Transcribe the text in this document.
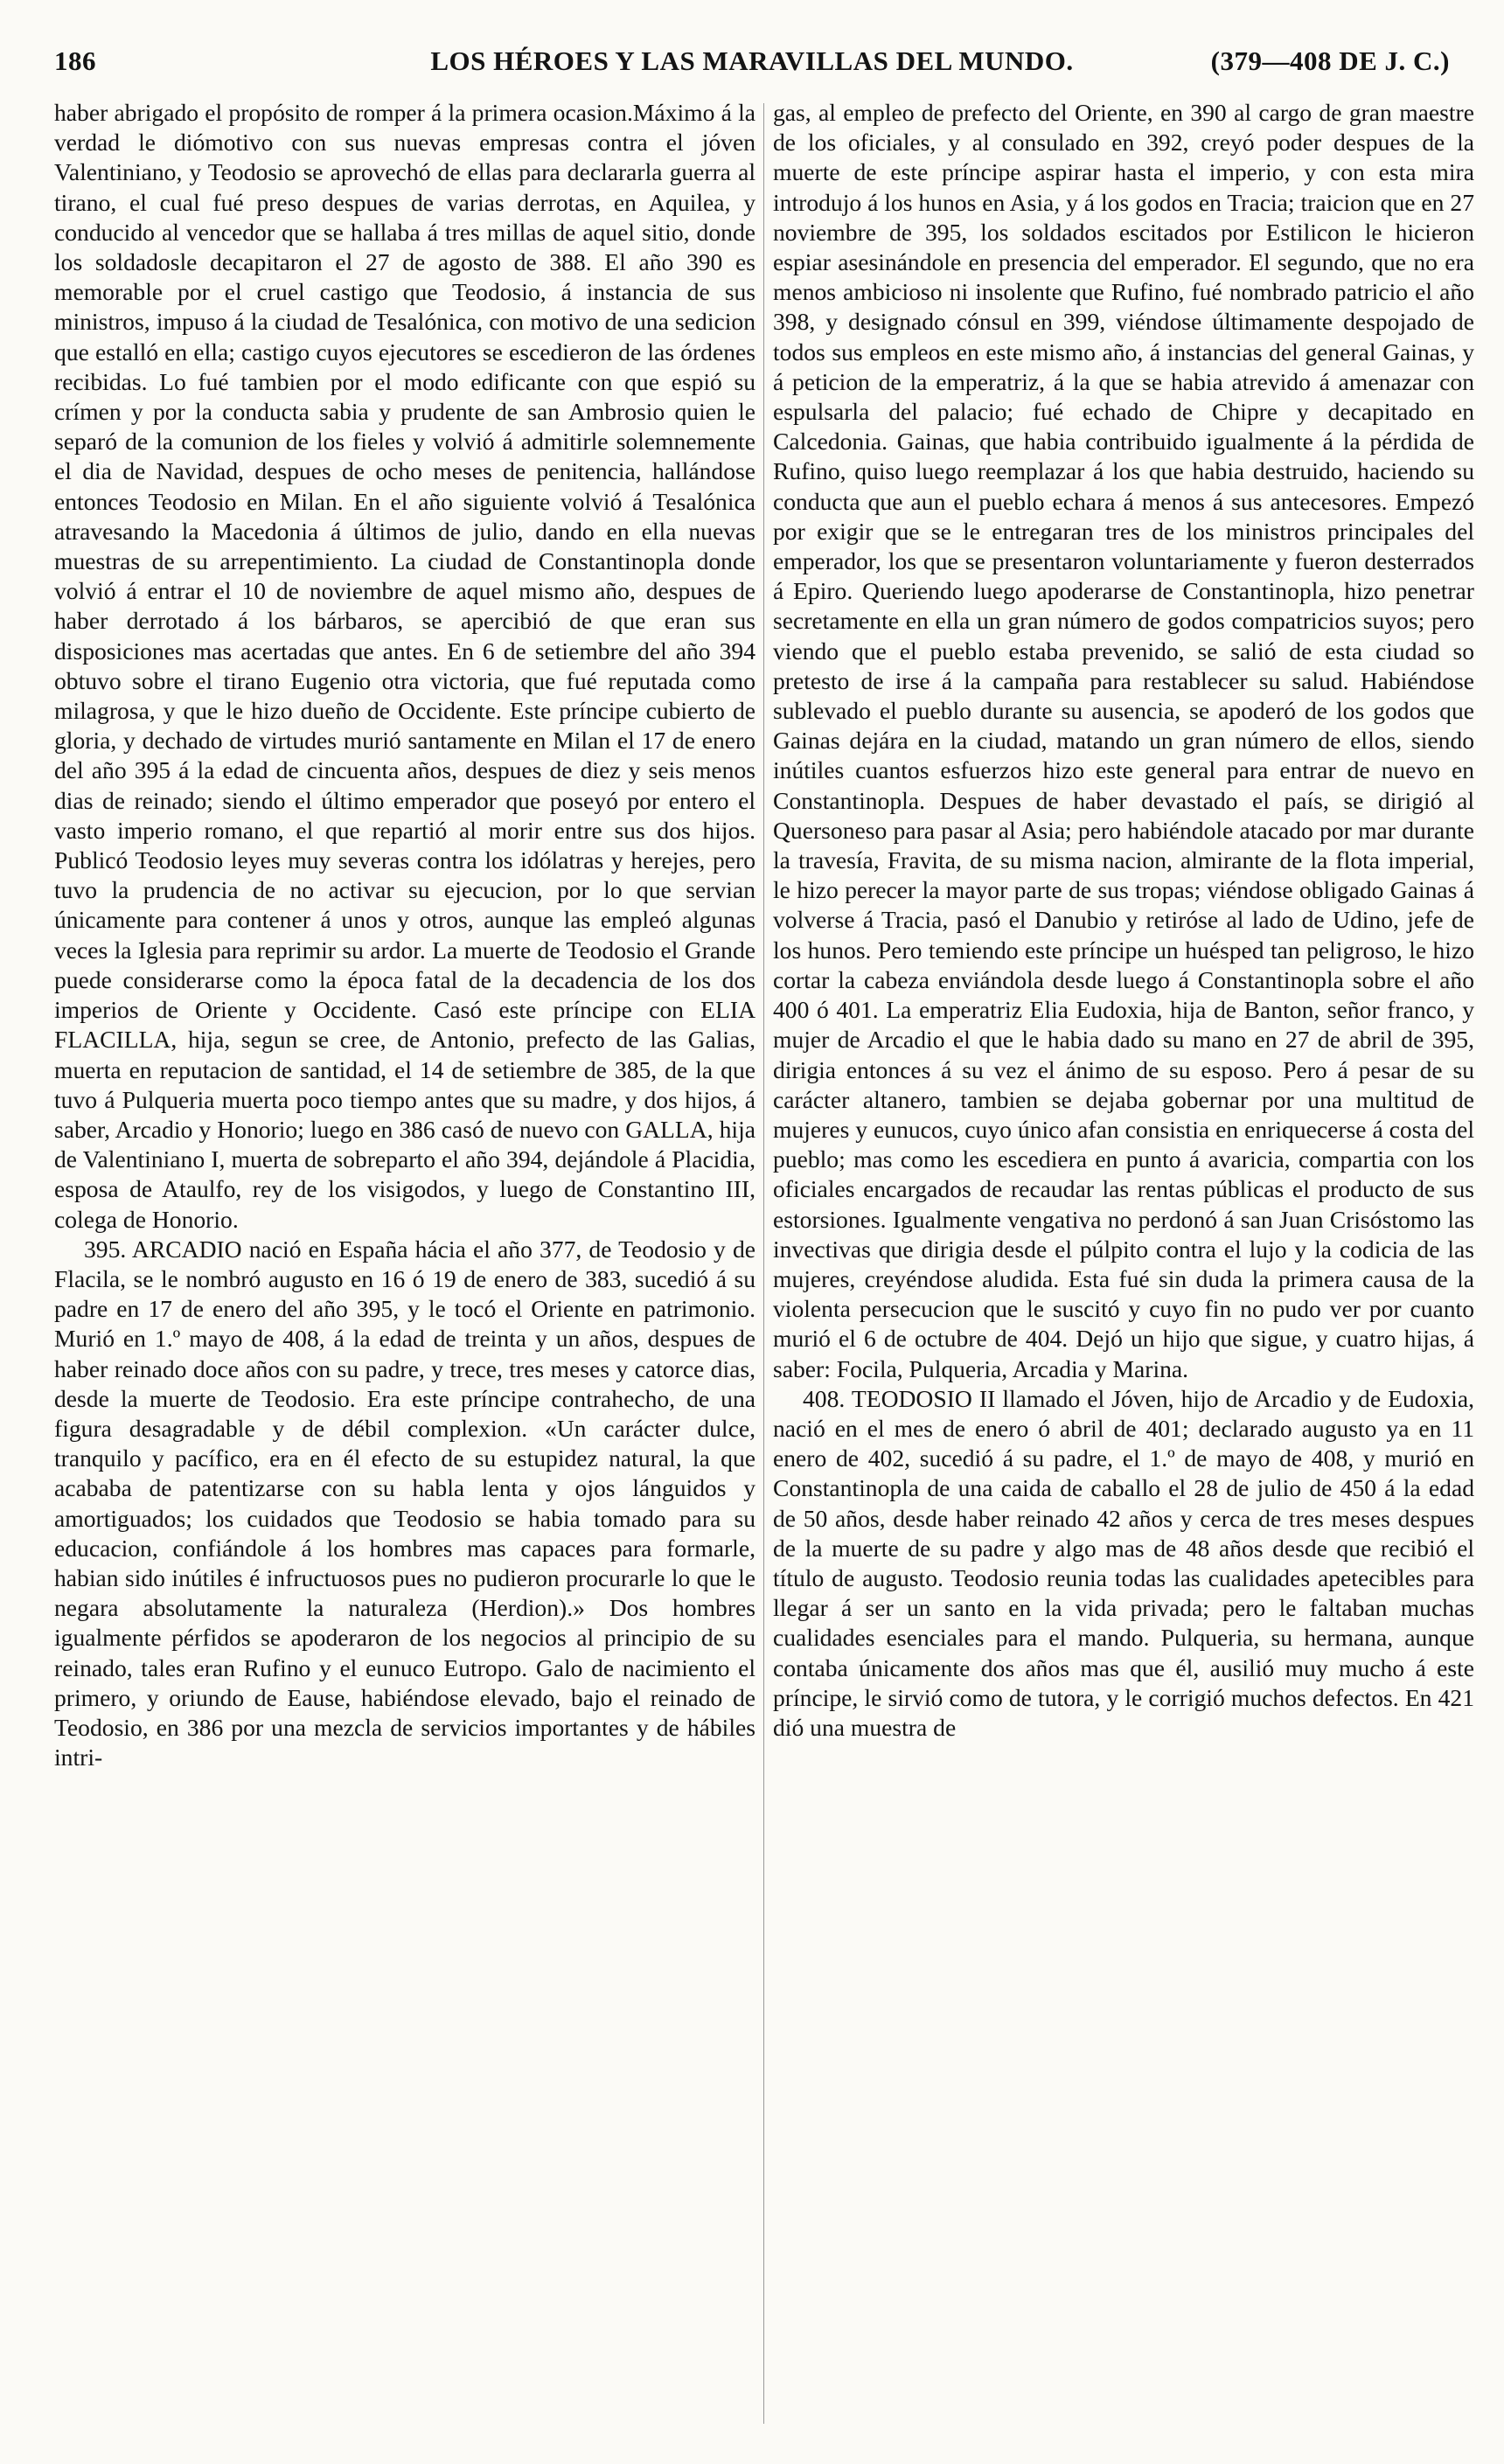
186	LOS HÉROES Y LAS MARAVILLAS DEL MUNDO.	(379—408 DE J. C.)

haber abrigado el propósito de romper á la primera ocasion.Máximo á la verdad le diómotivo con sus nuevas empresas contra el jóven Valentiniano, y Teodosio se aprovechó de ellas para declararla guerra al tirano, el cual fué preso despues de varias derrotas, en Aquilea, y conducido al vencedor que se hallaba á tres millas de aquel sitio, donde los soldadosle decapitaron el 27 de agosto de 388. El año 390 es memorable por el cruel castigo que Teodosio, á instancia de sus ministros, impuso á la ciudad de Tesalónica, con motivo de una sedicion que estalló en ella; castigo cuyos ejecutores se escedieron de las órdenes recibidas. Lo fué tambien por el modo edificante con que espió su crímen y por la conducta sabia y prudente de san Ambrosio quien le separó de la comunion de los fieles y volvió á admitirle solemnemente el dia de Navidad, despues de ocho meses de penitencia, hallándose entonces Teodosio en Milan. En el año siguiente volvió á Tesalónica atravesando la Macedonia á últimos de julio, dando en ella nuevas muestras de su arrepentimiento. La ciudad de Constantinopla donde volvió á entrar el 10 de noviembre de aquel mismo año, despues de haber derrotado á los bárbaros, se apercibió de que eran sus disposiciones mas acertadas que antes. En 6 de setiembre del año 394 obtuvo sobre el tirano Eugenio otra victoria, que fué reputada como milagrosa, y que le hizo dueño de Occidente. Este príncipe cubierto de gloria, y dechado de virtudes murió santamente en Milan el 17 de enero del año 395 á la edad de cincuenta años, despues de diez y seis menos dias de reinado; siendo el último emperador que poseyó por entero el vasto imperio romano, el que repartió al morir entre sus dos hijos. Publicó Teodosio leyes muy severas contra los idólatras y herejes, pero tuvo la prudencia de no activar su ejecucion, por lo que servian únicamente para contener á unos y otros, aunque las empleó algunas veces la Iglesia para reprimir su ardor. La muerte de Teodosio el Grande puede considerarse como la época fatal de la decadencia de los dos imperios de Oriente y Occidente. Casó este príncipe con ELIA FLACILLA, hija, segun se cree, de Antonio, prefecto de las Galias, muerta en reputacion de santidad, el 14 de setiembre de 385, de la que tuvo á Pulqueria muerta poco tiempo antes que su madre, y dos hijos, á saber, Arcadio y Honorio; luego en 386 casó de nuevo con GALLA, hija de Valentiniano I, muerta de sobreparto el año 394, dejándole á Placidia, esposa de Ataulfo, rey de los visigodos, y luego de Constantino III, colega de Honorio.

395. ARCADIO nació en España hácia el año 377, de Teodosio y de Flacila, se le nombró augusto en 16 ó 19 de enero de 383, sucedió á su padre en 17 de enero del año 395, y le tocó el Oriente en patrimonio. Murió en 1.º mayo de 408, á la edad de treinta y un años, despues de haber reinado doce años con su padre, y trece, tres meses y catorce dias, desde la muerte de Teodosio. Era este príncipe contrahecho, de una figura desagradable y de débil complexion. «Un carácter dulce, tranquilo y pacífico, era en él efecto de su estupidez natural, la que acababa de patentizarse con su habla lenta y ojos lánguidos y amortiguados; los cuidados que Teodosio se habia tomado para su educacion, confiándole á los hombres mas capaces para formarle, habian sido inútiles é infructuosos pues no pudieron procurarle lo que le negara absolutamente la naturaleza (Herdion).» Dos hombres igualmente pérfidos se apoderaron de los negocios al principio de su reinado, tales eran Rufino y el eunuco Eutropo. Galo de nacimiento el primero, y oriundo de Eause, habiéndose elevado, bajo el reinado de Teodosio, en 386 por una mezcla de servicios importantes y de hábiles intri-

gas, al empleo de prefecto del Oriente, en 390 al cargo de gran maestre de los oficiales, y al consulado en 392, creyó poder despues de la muerte de este príncipe aspirar hasta el imperio, y con esta mira introdujo á los hunos en Asia, y á los godos en Tracia; traicion que en 27 noviembre de 395, los soldados escitados por Estilicon le hicieron espiar asesinándole en presencia del emperador. El segundo, que no era menos ambicioso ni insolente que Rufino, fué nombrado patricio el año 398, y designado cónsul en 399, viéndose últimamente despojado de todos sus empleos en este mismo año, á instancias del general Gainas, y á peticion de la emperatriz, á la que se habia atrevido á amenazar con espulsarla del palacio; fué echado de Chipre y decapitado en Calcedonia. Gainas, que habia contribuido igualmente á la pérdida de Rufino, quiso luego reemplazar á los que habia destruido, haciendo su conducta que aun el pueblo echara á menos á sus antecesores. Empezó por exigir que se le entregaran tres de los ministros principales del emperador, los que se presentaron voluntariamente y fueron desterrados á Epiro. Queriendo luego apoderarse de Constantinopla, hizo penetrar secretamente en ella un gran número de godos compatricios suyos; pero viendo que el pueblo estaba prevenido, se salió de esta ciudad so pretesto de irse á la campaña para restablecer su salud. Habiéndose sublevado el pueblo durante su ausencia, se apoderó de los godos que Gainas dejára en la ciudad, matando un gran número de ellos, siendo inútiles cuantos esfuerzos hizo este general para entrar de nuevo en Constantinopla. Despues de haber devastado el país, se dirigió al Quersoneso para pasar al Asia; pero habiéndole atacado por mar durante la travesía, Fravita, de su misma nacion, almirante de la flota imperial, le hizo perecer la mayor parte de sus tropas; viéndose obligado Gainas á volverse á Tracia, pasó el Danubio y retiróse al lado de Udino, jefe de los hunos. Pero temiendo este príncipe un huésped tan peligroso, le hizo cortar la cabeza enviándola desde luego á Constantinopla sobre el año 400 ó 401. La emperatriz Elia Eudoxia, hija de Banton, señor franco, y mujer de Arcadio el que le habia dado su mano en 27 de abril de 395, dirigia entonces á su vez el ánimo de su esposo. Pero á pesar de su carácter altanero, tambien se dejaba gobernar por una multitud de mujeres y eunucos, cuyo único afan consistia en enriquecerse á costa del pueblo; mas como les escediera en punto á avaricia, compartia con los oficiales encargados de recaudar las rentas públicas el producto de sus estorsiones. Igualmente vengativa no perdonó á san Juan Crisóstomo las invectivas que dirigia desde el púlpito contra el lujo y la codicia de las mujeres, creyéndose aludida. Esta fué sin duda la primera causa de la violenta persecucion que le suscitó y cuyo fin no pudo ver por cuanto murió el 6 de octubre de 404. Dejó un hijo que sigue, y cuatro hijas, á saber: Focila, Pulqueria, Arcadia y Marina.

408. TEODOSIO II llamado el Jóven, hijo de Arcadio y de Eudoxia, nació en el mes de enero ó abril de 401; declarado augusto ya en 11 enero de 402, sucedió á su padre, el 1.º de mayo de 408, y murió en Constantinopla de una caida de caballo el 28 de julio de 450 á la edad de 50 años, desde haber reinado 42 años y cerca de tres meses despues de la muerte de su padre y algo mas de 48 años desde que recibió el título de augusto. Teodosio reunia todas las cualidades apetecibles para llegar á ser un santo en la vida privada; pero le faltaban muchas cualidades esenciales para el mando. Pulqueria, su hermana, aunque contaba únicamente dos años mas que él, ausilió muy mucho á este príncipe, le sirvió como de tutora, y le corrigió muchos defectos. En 421 dió una muestra de
